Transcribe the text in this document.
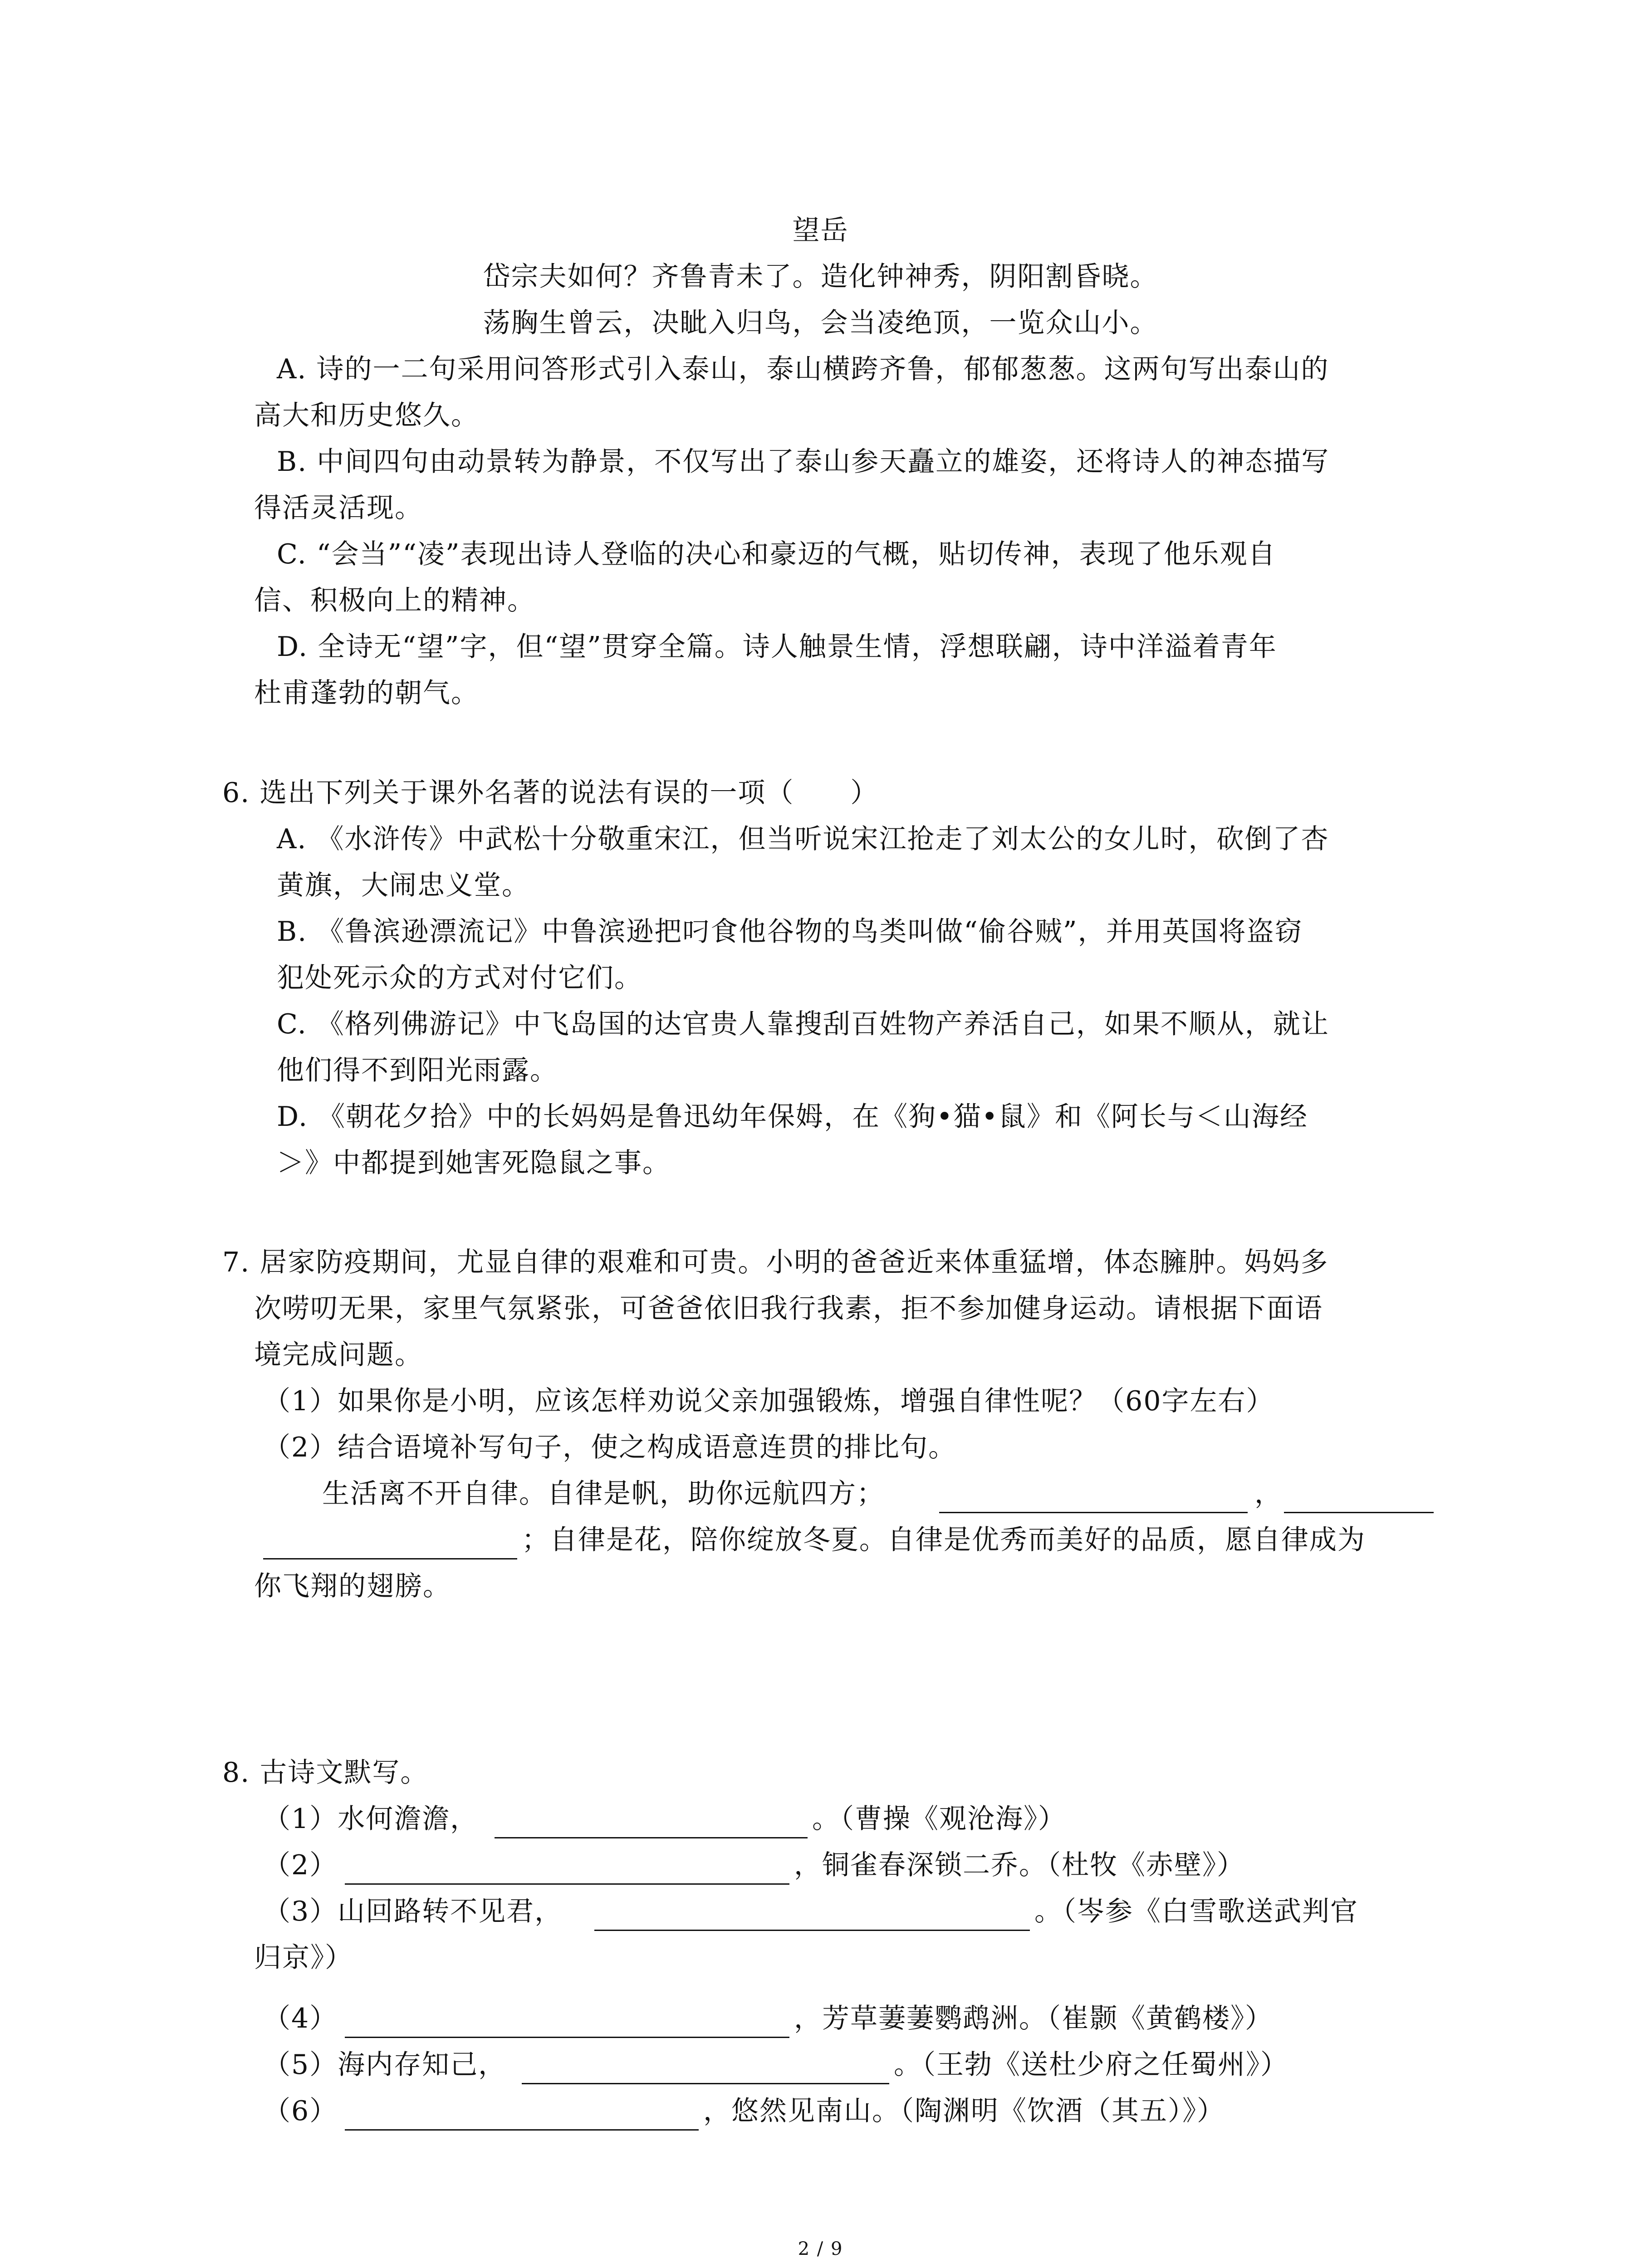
望岳
岱宗夫如何？齐鲁青未了。造化钟神秀，阴阳割昏晓。
荡胸生曾云，决眦入归鸟，会当凌绝顶，一览众山小。
A. 诗的一二句采用问答形式引入泰山，泰山横跨齐鲁，郁郁葱葱。这两句写出泰山的
高大和历史悠久。
B. 中间四句由动景转为静景，不仅写出了泰山参天矗立的雄姿，还将诗人的神态描写
得活灵活现。
C. “会当”“凌”表现出诗人登临的决心和豪迈的气概，贴切传神，表现了他乐观自
信、积极向上的精神。
D. 全诗无“望”字，但“望”贯穿全篇。诗人触景生情，浮想联翩，诗中洋溢着青年
杜甫蓬勃的朝气。
6. 选出下列关于课外名著的说法有误的一项（　　）
A. 《水浒传》中武松十分敬重宋江，但当听说宋江抢走了刘太公的女儿时，砍倒了杏
黄旗，大闹忠义堂。
B. 《鲁滨逊漂流记》中鲁滨逊把叼食他谷物的鸟类叫做“偷谷贼”，并用英国将盗窃
犯处死示众的方式对付它们。
C. 《格列佛游记》中飞岛国的达官贵人靠搜刮百姓物产养活自己，如果不顺从，就让
他们得不到阳光雨露。
D. 《朝花夕拾》中的长妈妈是鲁迅幼年保姆，在《狗•猫•鼠》和《阿长与＜山海经
＞》中都提到她害死隐鼠之事。
7. 居家防疫期间，尤显自律的艰难和可贵。小明的爸爸近来体重猛增，体态臃肿。妈妈多
次唠叨无果，家里气氛紧张，可爸爸依旧我行我素，拒不参加健身运动。请根据下面语
境完成问题。
（1）如果你是小明，应该怎样劝说父亲加强锻炼，增强自律性呢？（60字左右）
（2）结合语境补写句子，使之构成语意连贯的排比句。
生活离不开自律。自律是帆，助你远航四方；	，
；自律是花，陪你绽放冬夏。自律是优秀而美好的品质，愿自律成为
你飞翔的翅膀。
8. 古诗文默写。
（1）水何澹澹，	。（曹操《观沧海》）
（2）	，铜雀春深锁二乔。（杜牧《赤壁》）
（3）山回路转不见君，	。（岑参《白雪歌送武判官
归京》）
（4）	，芳草萋萋鹦鹉洲。（崔颢《黄鹤楼》）
（5）海内存知己，	。（王勃《送杜少府之任蜀州》）
（6）	，悠然见南山。（陶渊明《饮酒（其五）》）
2 / 9
